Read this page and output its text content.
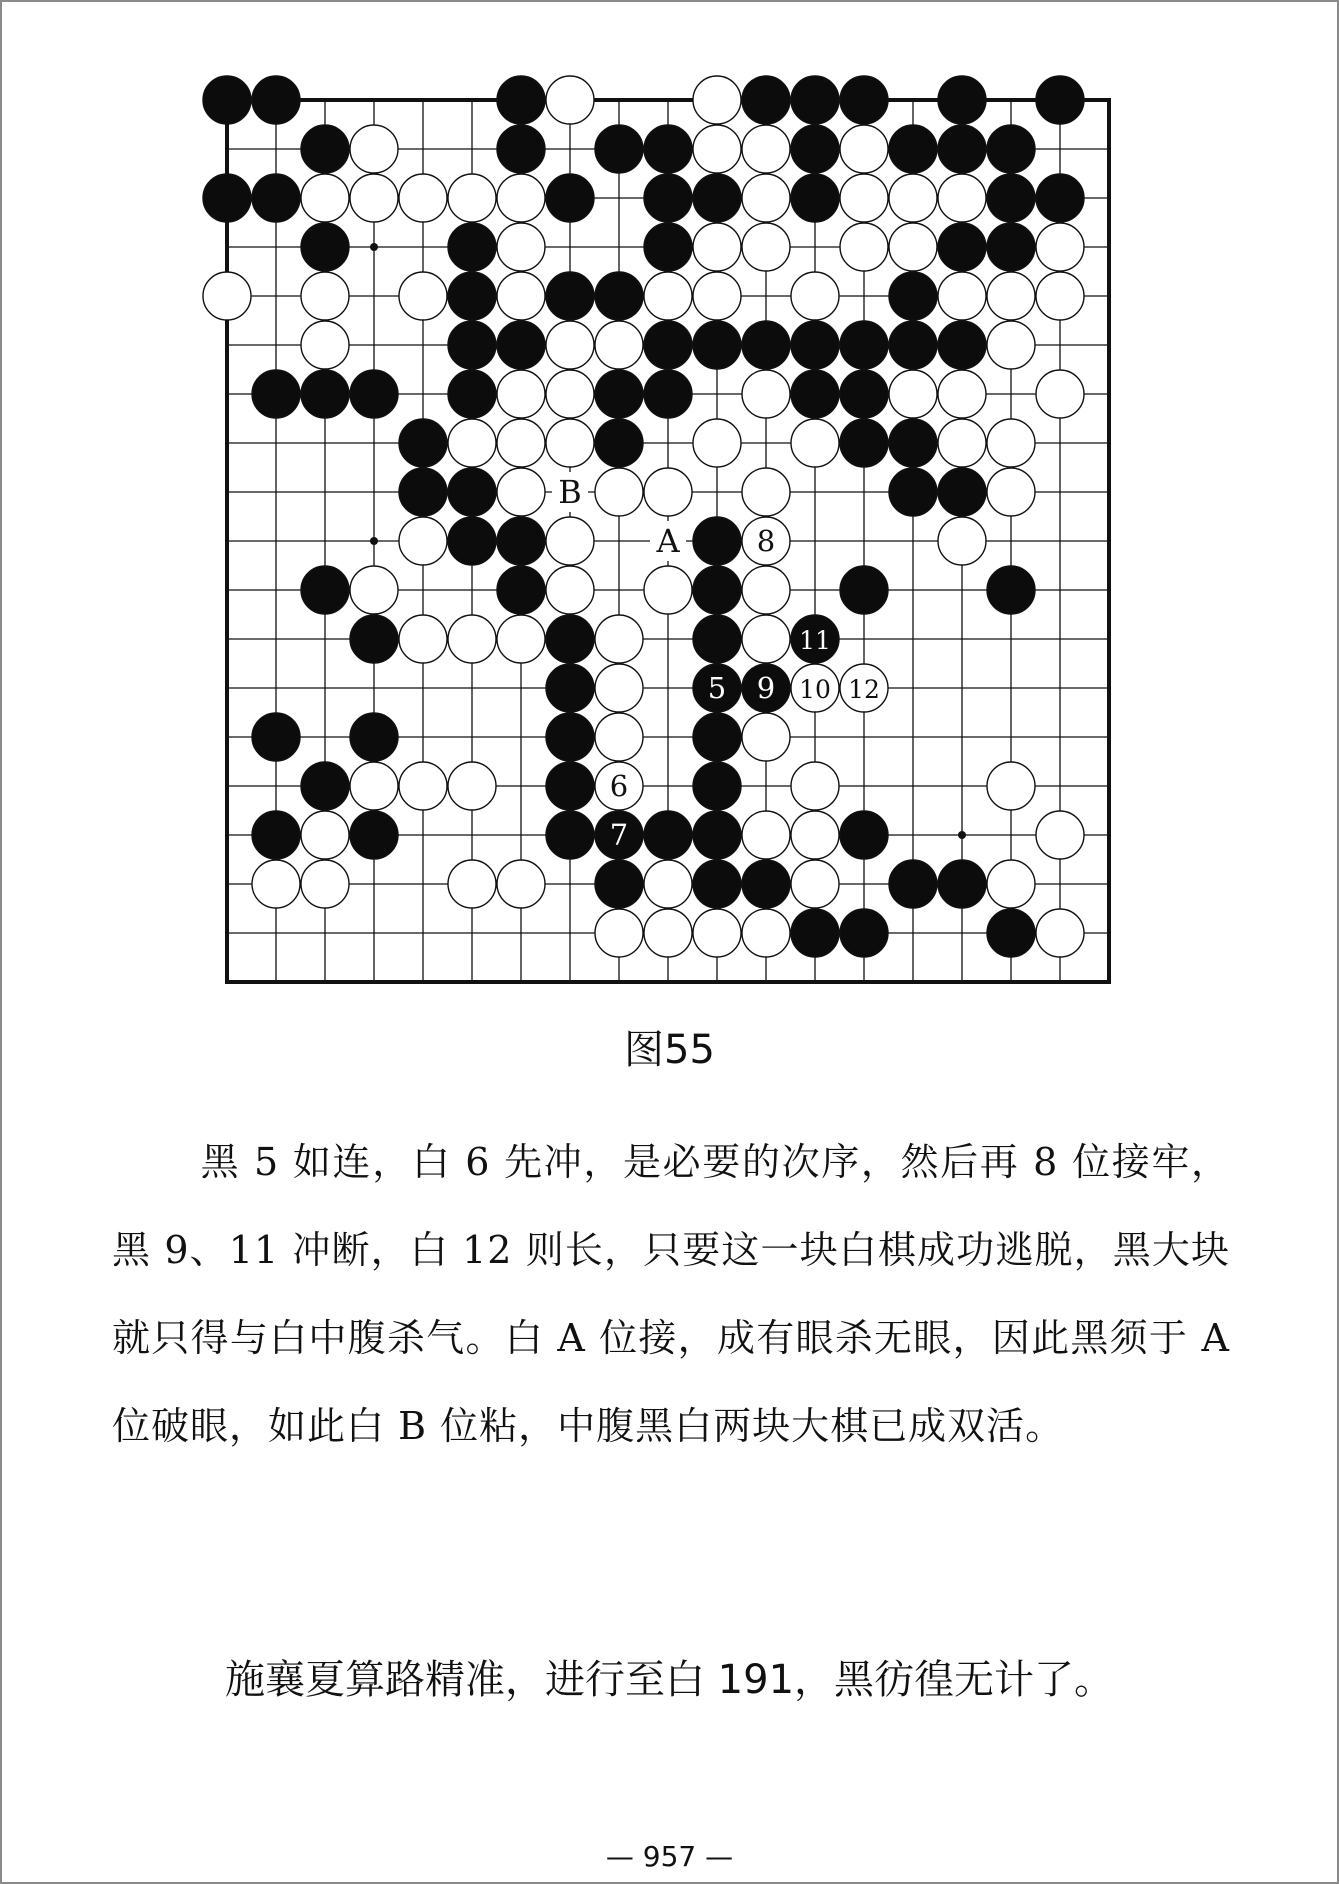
5
6
7
8
9 10
11
12
B
A
图55
黑 5 如连，白 6 先冲，是必要的次序，然后再 8 位接牢，黑 9、11 冲断，白 12 则长，只要这一块白棋成功逃脱，黑大块就只得与白中腹杀气。白 A 位接，成有眼杀无眼，因此黑须于 A 位破眼，如此白 B 位粘，中腹黑白两块大棋已成双活。
施襄夏算路精准，进行至白 191，黑彷徨无计了。
— 957 —
